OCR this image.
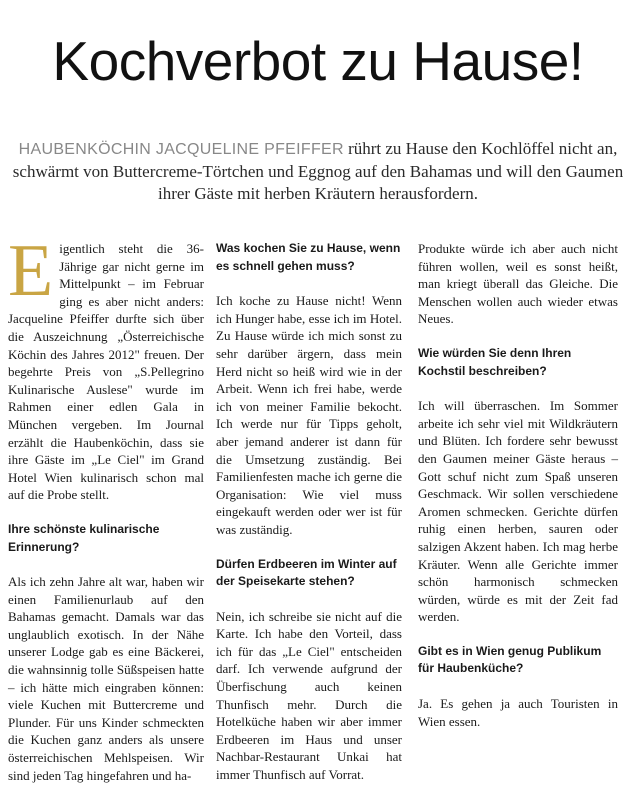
Kochverbot zu Hause!
HAUBENKÖCHIN JACQUELINE PFEIFFER rührt zu Hause den Kochlöffel nicht an, schwärmt von Buttercreme-Törtchen und Eggnog auf den Bahamas und will den Gaumen ihrer Gäste mit herben Kräutern herausfordern.

Eigentlich steht die 36-Jährige gar nicht gerne im Mittelpunkt – im Februar ging es aber nicht anders: Jacqueline Pfeiffer durfte sich über die Auszeichnung „Österreichische Köchin des Jahres 2012" freuen. Der begehrte Preis von „S.Pellegrino Kulinarische Auslese" wurde im Rahmen einer edlen Gala in München vergeben. Im Journal erzählt die Haubenköchin, dass sie ihre Gäste im „Le Ciel" im Grand Hotel Wien kulinarisch schon mal auf die Probe stellt.

Ihre schönste kulinarische Erinnerung?

Als ich zehn Jahre alt war, haben wir einen Familienurlaub auf den Bahamas gemacht. Damals war das unglaublich exotisch. In der Nähe unserer Lodge gab es eine Bäckerei, die wahnsinnig tolle Süßspeisen hatte – ich hätte mich eingraben können: viele Kuchen mit Buttercreme und Plunder. Für uns Kinder schmeckten die Kuchen ganz anders als unsere österreichischen Mehlspeisen. Wir sind jeden Tag hingefahren und ha-

Was kochen Sie zu Hause, wenn es schnell gehen muss?

Ich koche zu Hause nicht! Wenn ich Hunger habe, esse ich im Hotel. Zu Hause würde ich mich sonst zu sehr darüber ärgern, dass mein Herd nicht so heiß wird wie in der Arbeit. Wenn ich frei habe, werde ich von meiner Familie bekocht. Ich werde nur für Tipps geholt, aber jemand anderer ist dann für die Umsetzung zuständig. Bei Familienfesten mache ich gerne die Organisation: Wie viel muss eingekauft werden oder wer ist für was zuständig.

Dürfen Erdbeeren im Winter auf der Speisekarte stehen?

Nein, ich schreibe sie nicht auf die Karte. Ich habe den Vorteil, dass ich für das „Le Ciel" entscheiden darf. Ich verwende aufgrund der Überfischung auch keinen Thunfisch mehr. Durch die Hotelküche haben wir aber immer Erdbeeren im Haus und unser Nachbar-Restaurant Unkai hat immer Thunfisch auf Vorrat.

Produkte würde ich aber auch nicht führen wollen, weil es sonst heißt, man kriegt überall das Gleiche. Die Menschen wollen auch wieder etwas Neues.

Wie würden Sie denn Ihren Kochstil beschreiben?

Ich will überraschen. Im Sommer arbeite ich sehr viel mit Wildkräutern und Blüten. Ich fordere sehr bewusst den Gaumen meiner Gäste heraus – Gott schuf nicht zum Spaß unseren Geschmack. Wir sollen verschiedene Aromen schmecken. Gerichte dürfen ruhig einen herben, sauren oder salzigen Akzent haben. Ich mag herbe Kräuter. Wenn alle Gerichte immer schön harmonisch schmecken würden, würde es mit der Zeit fad werden.

Gibt es in Wien genug Publikum für Haubenküche?

Ja. Es gehen ja auch Touristen in Wien essen.
